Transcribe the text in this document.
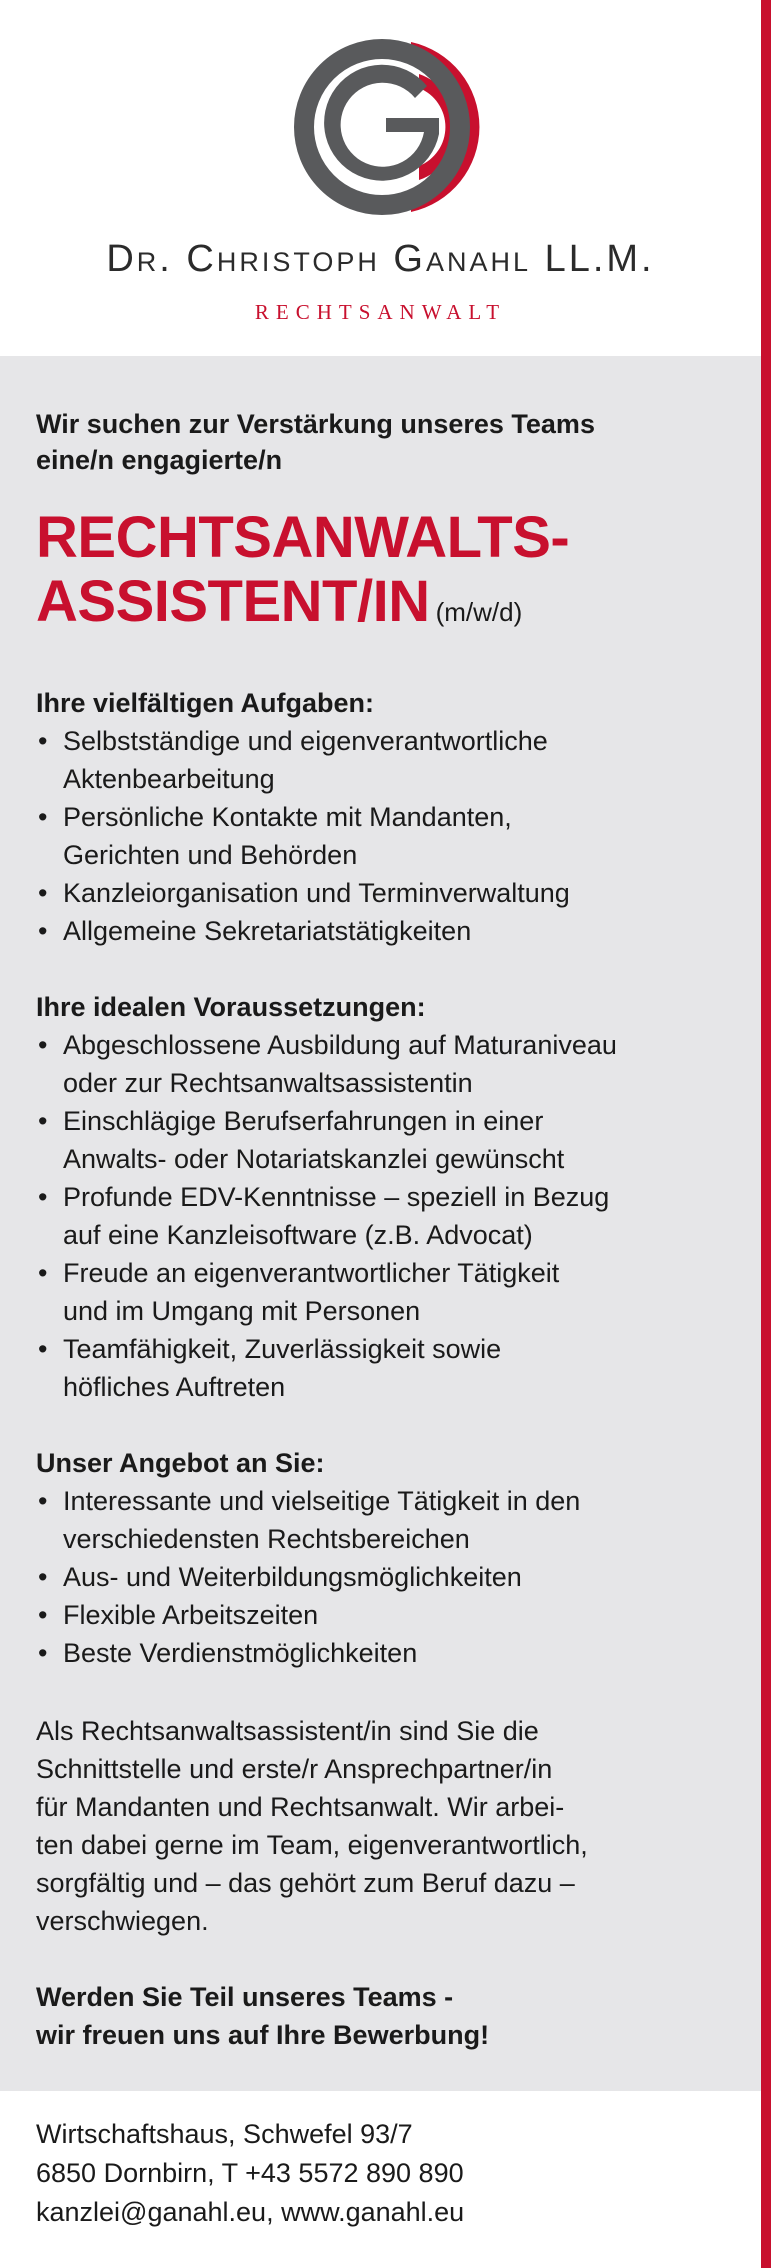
Dr. Christoph Ganahl LL.M.
RECHTSANWALT

Wir suchen zur Verstärkung unseres Teams
eine/n engagierte/n

RECHTSANWALTS-
ASSISTENT/IN (m/w/d)
Ihre vielfältigen Aufgaben:
• Selbstständige und eigenverantwortliche
Aktenbearbeitung
• Persönliche Kontakte mit Mandanten,
Gerichten und Behörden
• Kanzleiorganisation und Terminverwaltung
• Allgemeine Sekretariatstätigkeiten
Ihre idealen Voraussetzungen:
• Abgeschlossene Ausbildung auf Maturaniveau
oder zur Rechtsanwaltsassistentin
• Einschlägige Berufserfahrungen in einer
Anwalts- oder Notariatskanzlei gewünscht
• Profunde EDV-Kenntnisse – speziell in Bezug
auf eine Kanzleisoftware (z.B. Advocat)
• Freude an eigenverantwortlicher Tätigkeit
und im Umgang mit Personen
• Teamfähigkeit, Zuverlässigkeit sowie
höfliches Auftreten
Unser Angebot an Sie:
• Interessante und vielseitige Tätigkeit in den
verschiedensten Rechtsbereichen
• Aus- und Weiterbildungsmöglichkeiten
• Flexible Arbeitszeiten
• Beste Verdienstmöglichkeiten

Als Rechtsanwaltsassistent/in sind Sie die
Schnittstelle und erste/r Ansprechpartner/in
für Mandanten und Rechtsanwalt. Wir arbei-
ten dabei gerne im Team, eigenverantwortlich,
sorgfältig und – das gehört zum Beruf dazu –
verschwiegen.

Werden Sie Teil unseres Teams -
wir freuen uns auf Ihre Bewerbung!

Wirtschaftshaus, Schwefel 93/7

6850 Dornbirn, T +43 5572 890 890

kanzlei@ganahl.eu, www.ganahl.eu
